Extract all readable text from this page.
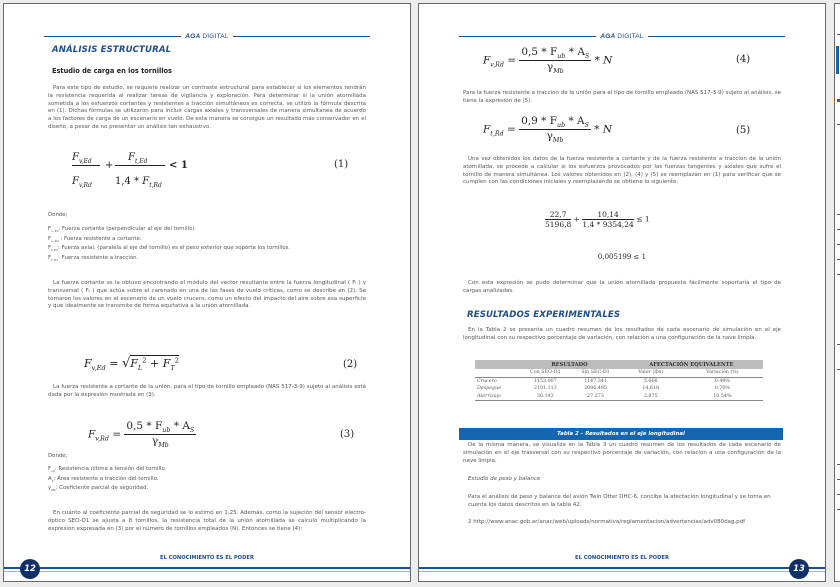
AGA DIGITAL
ANÁLISIS ESTRUCTURAL
Estudio de carga en los tornillos

Para este tipo de estudio, se requiere realizar un contraste estructural para establecer si los elementos tendrán la resistencia requerida al realizar tareas de vigilancia y exploración. Para determinar si la unión atornillada sometida a los esfuerzos cortantes y resistentes a tracción simultáneos es correcta, se utilizó la fórmula descrita en (1). Dichas fórmulas se utilizaron para incluir cargas axiales y transversales de manera simultanea de acuerdo a los factores de carga de un escenario en vuelo. De esta manera se consigue un resultado más conservador en el diseño, a pesar de no presentar un análisis tan exhaustivo.

$F_{v,Ed}$ +
$F_{t,Ed} < 1$
$F_{v,Rd}$ $1,4 * F_{t,Rd}$
(1)
Donde;
$F_{v, Ed}$: Fuerza cortante (perpendicular al eje del tornillo).
$F_{v, Rd}$ : Fuerza resistente a cortante.
$F_{t, Ed}$: Fuerza axial, (paralela al eje del tornillo) es el peso exterior que soporta los tornillos.
$F_{t, Rd}$: Fuerza resistente a tracción.

La fuerza cortante se la obtuvo encontrando el módulo del vector resultante entre la fuerza longitudinal ( Fₗ ) y transversal ( Fₜ ) que actúa sobre el carenado en una de las fases de vuelo críticas, como se describe en (2). Se tomaron los valores en el escenario de un vuelo crucero, como un efecto del impacto del aire sobre esa superficie y que idealmente se transmite de forma equitativa a la unión atornillada.

$F_{v,Ed} = √F_L^2 + F_T^2$	(2)

La fuerza resistente a cortante de la unión, para el tipo de tornillo empleado (NAS 517-3-9) sujeto al análisis está dada por la expresión mostrada en (3).

$F_{v,Rd} = \frac{0,5 * F_{ub} * A_S}{\gamma_{Mb}}$	(3)
Donde;
$F_{ub}$: Resistencia última a tensión del tornillo.
$A_S$: Área resistente a tracción del tornillo.
$\gamma_{Mb}$: Coeficiente parcial de seguridad.

En cuanto al coeficiente parcial de seguridad se lo estimó en 1,25. Además, como la sujeción del sensor electro-óptico SEO-D1 se ajusta a 8 tornillos, la resistencia total de la unión atornillada se calculó multiplicando la expresión expresada en (3) por el número de tornillos empleados (N). Entonces se tiene (4):

EL CONOCIMIENTO ES EL PODER
12
AGA DIGITAL
$F_{v,Rd} = \frac{0,5 * F_{ub} * A_S}{\gamma_{Mb}} * N$	(4)

Para la fuerza resistente a tracción de la unión para el tipo de tornillo empleado (NAS 517-3-9) sujeto al análisis, se tiene la expresión de (5).

$F_{t,Rd} = \frac{0,9 * F_{ub} * A_S}{\gamma_{Mb}} * N$	(5)

Una vez obtenidos los datos de la fuerza resistente a cortante y de la fuerza resistente a tracción de la unión atornillada, se procede a calcular si los esfuerzos provocados por las fuerzas tangentes y axiales que sufre el tornillo de manera simultánea. Los valores obtenidos en (2), (4) y (5) se reemplazan en (1) para verificar que se cumplen con las condiciones iniciales y reemplazando se obtiene lo siguiente.

$\frac{22,7}{5196,8} + \frac{10,14}{1,4 * 9354,24} \le 1$
0,005199 ≤ 1

Con esta expresión se pudo determinar que la unión atornillada propuesta fácilmente soportaría el tipo de cargas analizadas.

RESULTADOS EXPERIMENTALES

En la Tabla 2 se presenta un cuadro resumen de los resultados de cada escenario de simulación en el eje longitudinal con su respectivo porcentaje de variación, con relación a una configuración de la nave limpia.

	RESULTADO		AFECTACIÓN EQUIVALENTE	
	Con SEO-D1	Sin SEC-D1	Valor (lbs)	Variación (%)
Crucero	1153.007	1147.341	5.666	0.49%
Despegue	2101.113	2086.495	14.618	0.70%
Aterrizaje	30.143	27.273	2.875	10.54%
Tabla 2 – Resultados en el eje longitudinal

De la misma manera, se visualiza en la Tabla 3 un cuadro resumen de los resultados de cada escenario de simulación en el eje trasversal con su respectivo porcentaje de variación, con relación a una configuración de la nave limpia.

Estudio de peso y balance

Para el análisis de peso y balance del avión Twin Otter DHC-6, concibe la afectación longitudinal y se toma en cuenta los datos descritos en la tabla 42.

2 http://www.anac.gob.ar/anac/web/uploads/normativa/reglamentacion/advertencias/adv080dag.pdf

EL CONOCIMIENTO ES EL PODER
13
